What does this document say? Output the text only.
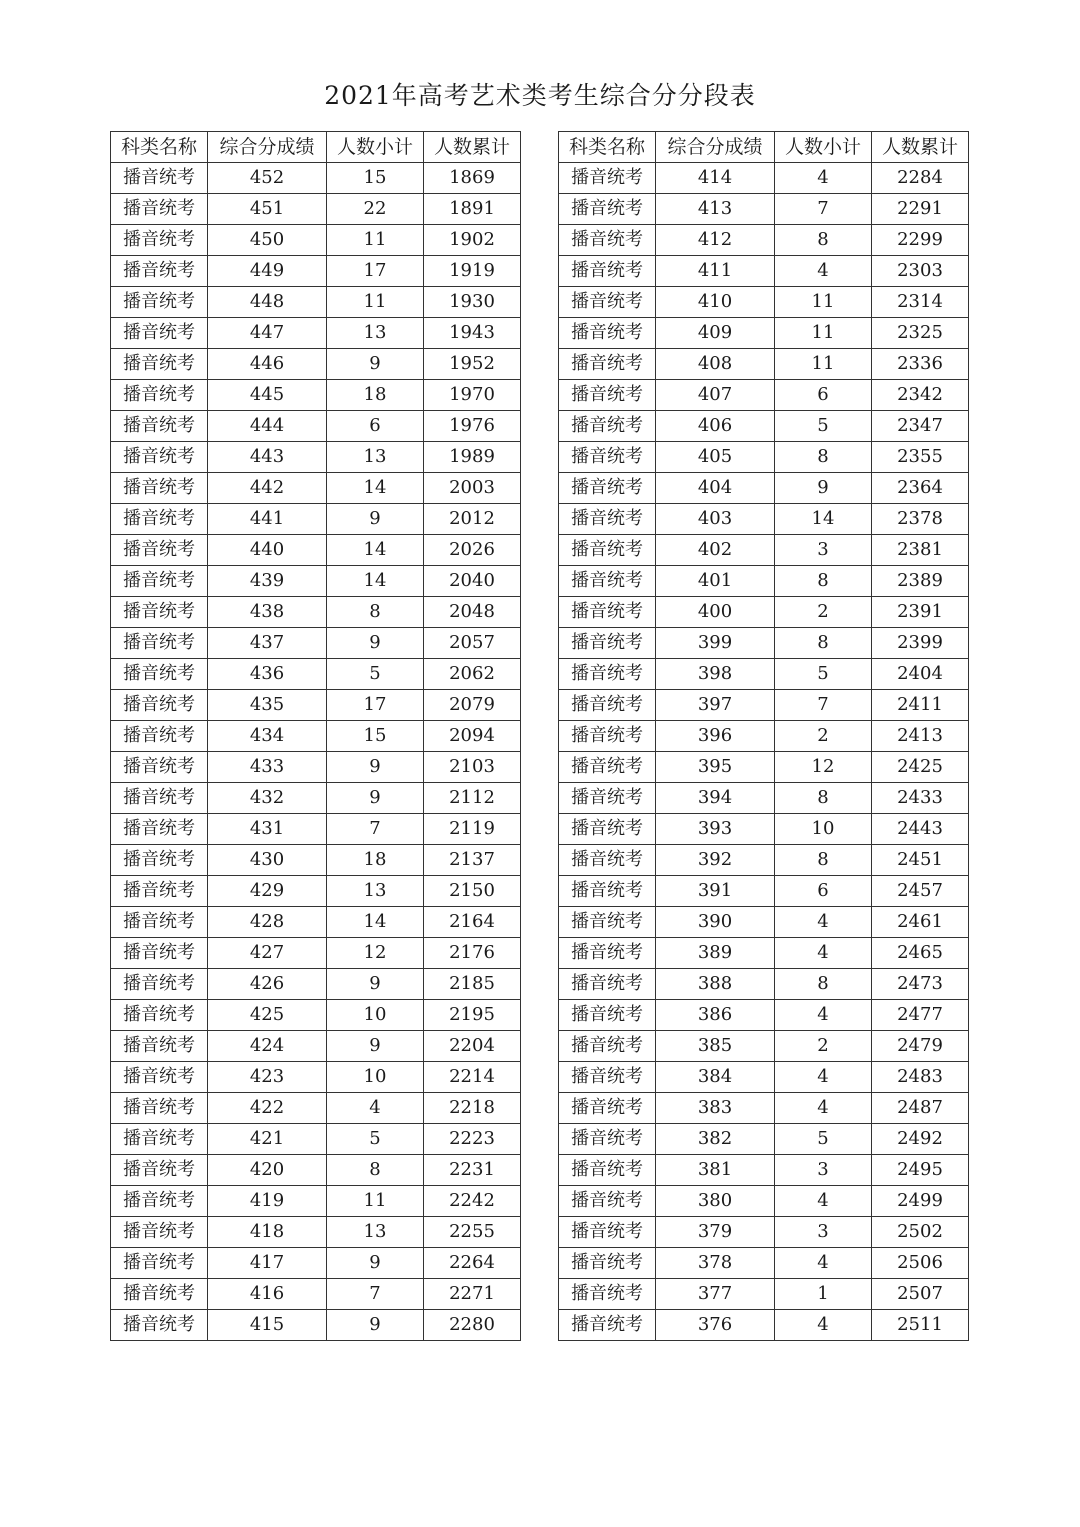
2021年高考艺术类考生综合分分段表
科类名称	综合分成绩	人数小计	人数累计
播音统考	452	15	1869
播音统考	451	22	1891
播音统考	450	11	1902
播音统考	449	17	1919
播音统考	448	11	1930
播音统考	447	13	1943
播音统考	446	9	1952
播音统考	445	18	1970
播音统考	444	6	1976
播音统考	443	13	1989
播音统考	442	14	2003
播音统考	441	9	2012
播音统考	440	14	2026
播音统考	439	14	2040
播音统考	438	8	2048
播音统考	437	9	2057
播音统考	436	5	2062
播音统考	435	17	2079
播音统考	434	15	2094
播音统考	433	9	2103
播音统考	432	9	2112
播音统考	431	7	2119
播音统考	430	18	2137
播音统考	429	13	2150
播音统考	428	14	2164
播音统考	427	12	2176
播音统考	426	9	2185
播音统考	425	10	2195
播音统考	424	9	2204
播音统考	423	10	2214
播音统考	422	4	2218
播音统考	421	5	2223
播音统考	420	8	2231
播音统考	419	11	2242
播音统考	418	13	2255
播音统考	417	9	2264
播音统考	416	7	2271
播音统考	415	9	2280
科类名称	综合分成绩	人数小计	人数累计
播音统考	414	4	2284
播音统考	413	7	2291
播音统考	412	8	2299
播音统考	411	4	2303
播音统考	410	11	2314
播音统考	409	11	2325
播音统考	408	11	2336
播音统考	407	6	2342
播音统考	406	5	2347
播音统考	405	8	2355
播音统考	404	9	2364
播音统考	403	14	2378
播音统考	402	3	2381
播音统考	401	8	2389
播音统考	400	2	2391
播音统考	399	8	2399
播音统考	398	5	2404
播音统考	397	7	2411
播音统考	396	2	2413
播音统考	395	12	2425
播音统考	394	8	2433
播音统考	393	10	2443
播音统考	392	8	2451
播音统考	391	6	2457
播音统考	390	4	2461
播音统考	389	4	2465
播音统考	388	8	2473
播音统考	386	4	2477
播音统考	385	2	2479
播音统考	384	4	2483
播音统考	383	4	2487
播音统考	382	5	2492
播音统考	381	3	2495
播音统考	380	4	2499
播音统考	379	3	2502
播音统考	378	4	2506
播音统考	377	1	2507
播音统考	376	4	2511
